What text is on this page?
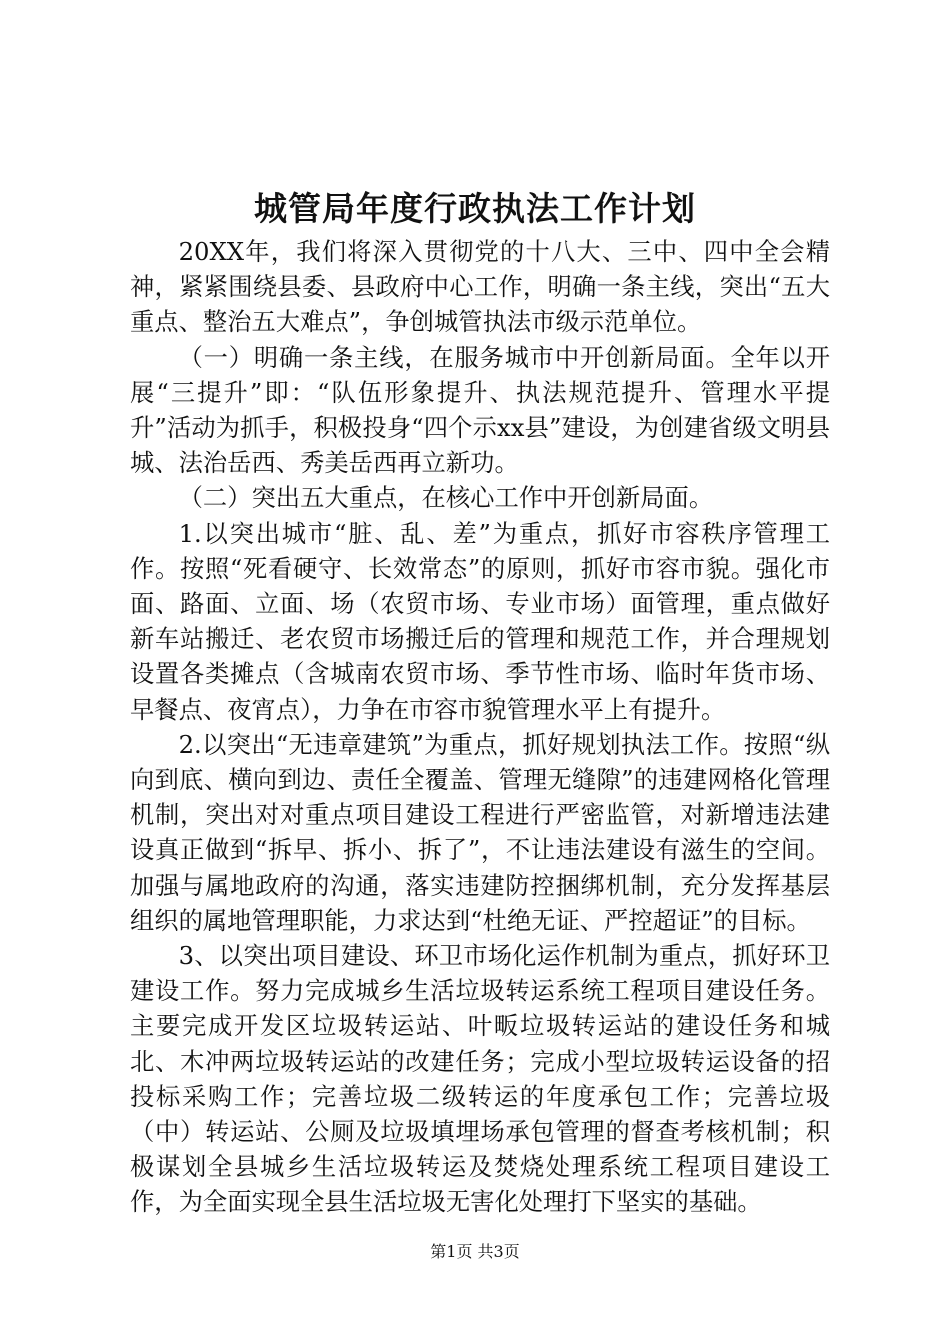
城管局年度行政执法工作计划

20XX年，我们将深入贯彻党的十八大、三中、四中全会精神，紧紧围绕县委、县政府中心工作，明确一条主线，突出“五大重点、整治五大难点”，争创城管执法市级示范单位。

（一）明确一条主线，在服务城市中开创新局面。全年以开展“三提升”即：“队伍形象提升、执法规范提升、管理水平提升”活动为抓手，积极投身“四个示xx县”建设，为创建省级文明县城、法治岳西、秀美岳西再立新功。

（二）突出五大重点，在核心工作中开创新局面。

1.以突出城市“脏、乱、差”为重点，抓好市容秩序管理工作。按照“死看硬守、长效常态”的原则，抓好市容市貌。强化市面、路面、立面、场（农贸市场、专业市场）面管理，重点做好新车站搬迁、老农贸市场搬迁后的管理和规范工作，并合理规划设置各类摊点（含城南农贸市场、季节性市场、临时年货市场、早餐点、夜宵点），力争在市容市貌管理水平上有提升。

2.以突出“无违章建筑”为重点，抓好规划执法工作。按照“纵向到底、横向到边、责任全覆盖、管理无缝隙”的违建网格化管理机制，突出对对重点项目建设工程进行严密监管，对新增违法建设真正做到“拆早、拆小、拆了”，不让违法建设有滋生的空间。加强与属地政府的沟通，落实违建防控捆绑机制，充分发挥基层组织的属地管理职能，力求达到“杜绝无证、严控超证”的目标。

3、以突出项目建设、环卫市场化运作机制为重点，抓好环卫建设工作。努力完成城乡生活垃圾转运系统工程项目建设任务。主要完成开发区垃圾转运站、叶畈垃圾转运站的建设任务和城北、木冲两垃圾转运站的改建任务；完成小型垃圾转运设备的招投标采购工作；完善垃圾二级转运的年度承包工作；完善垃圾（中）转运站、公厕及垃圾填埋场承包管理的督查考核机制；积极谋划全县城乡生活垃圾转运及焚烧处理系统工程项目建设工作，为全面实现全县生活垃圾无害化处理打下坚实的基础。

第1页 共3页
